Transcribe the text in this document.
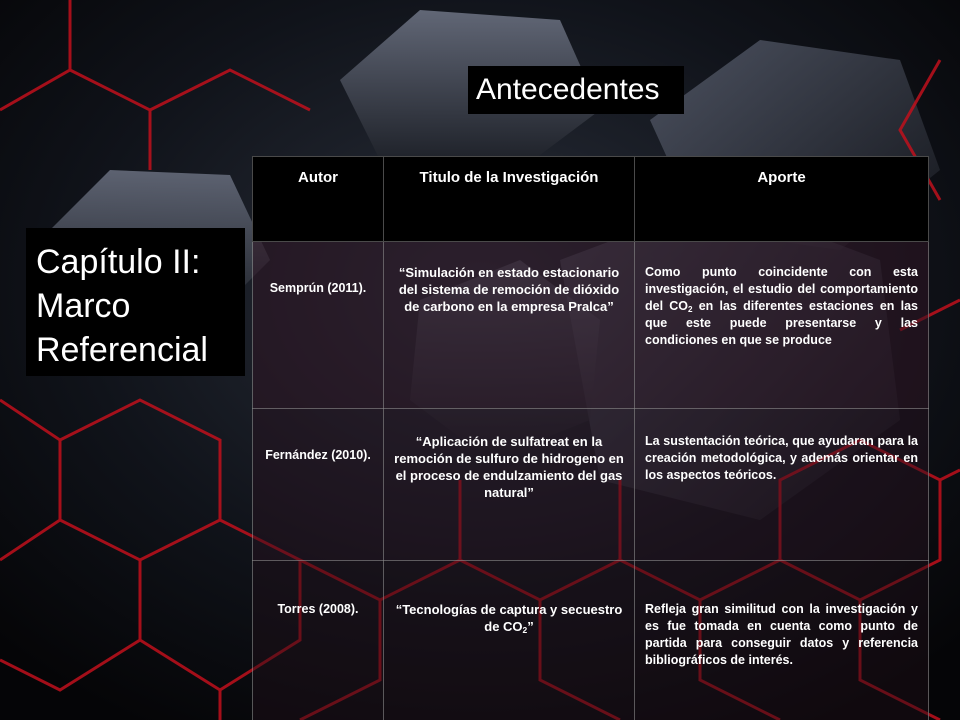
Antecedentes
Capítulo II:
Marco
Referencial
Autor	Titulo de la Investigación	Aporte
Semprún (2011).	“Simulación en estado estacionario del sistema de remoción de dióxido de carbono en la empresa Pralca”	Como punto coincidente con esta investigación, el estudio del comportamiento del $CO_2$ en las diferentes estaciones en las que este puede presentarse y las condiciones en que se produce
Fernández (2010).	“Aplicación de sulfatreat en la remoción de sulfuro de hidrogeno en el proceso de endulzamiento del gas natural”	La sustentación teórica, que ayudaran para la creación metodológica, y además orientar en los aspectos teóricos.
Torres (2008).	“Tecnologías de captura y secuestro de $CO_2$”	Refleja gran similitud con la investigación y es fue tomada en cuenta como punto de partida para conseguir datos y referencia bibliográficos de interés.
